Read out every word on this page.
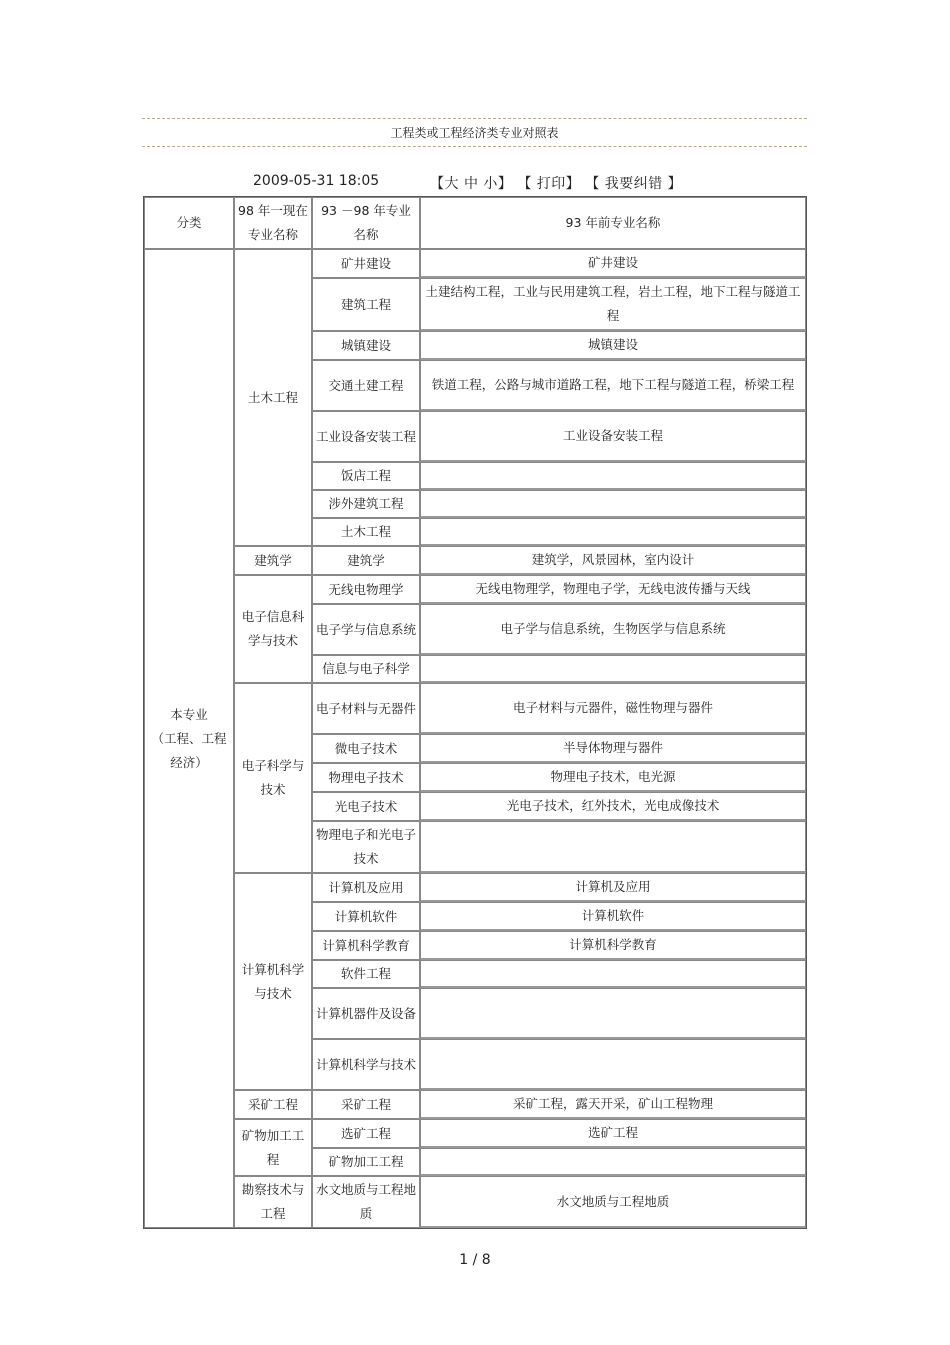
工程类或工程经济类专业对照表
2009-05-31 18:05	【大 中 小】 【 打印】 【 我要纠错 】
分类	98 年一现在专业名称	93 －98 年专业名称	93 年前专业名称
本专业
（工程、工程经济）	土木工程	矿井建设	矿井建设
		建筑工程	土建结构工程，工业与民用建筑工程，岩土工程，地下工程与隧道工程
		城镇建设	城镇建设
		交通土建工程	铁道工程，公路与城市道路工程，地下工程与隧道工程，桥梁工程
		工业设备安装工程	工业设备安装工程
		饭店工程	
		涉外建筑工程	
		土木工程	
	建筑学	建筑学	建筑学，风景园林，室内设计
	电子信息科学与技术	无线电物理学	无线电物理学，物理电子学，无线电波传播与天线
		电子学与信息系统	电子学与信息系统，生物医学与信息系统
		信息与电子科学	
	电子科学与技术	电子材料与无器件	电子材料与元器件，磁性物理与器件
		微电子技术	半导体物理与器件
		物理电子技术	物理电子技术，电光源
		光电子技术	光电子技术，红外技术，光电成像技术
		物理电子和光电子技术	
	计算机科学与技术	计算机及应用	计算机及应用
		计算机软件	计算机软件
		计算机科学教育	计算机科学教育
		软件工程	
		计算机器件及设备	
		计算机科学与技术	
	采矿工程	采矿工程	采矿工程，露天开采，矿山工程物理
	矿物加工工程	选矿工程	选矿工程
		矿物加工工程	
	勘察技术与工程	水文地质与工程地质	水文地质与工程地质
1 / 8
